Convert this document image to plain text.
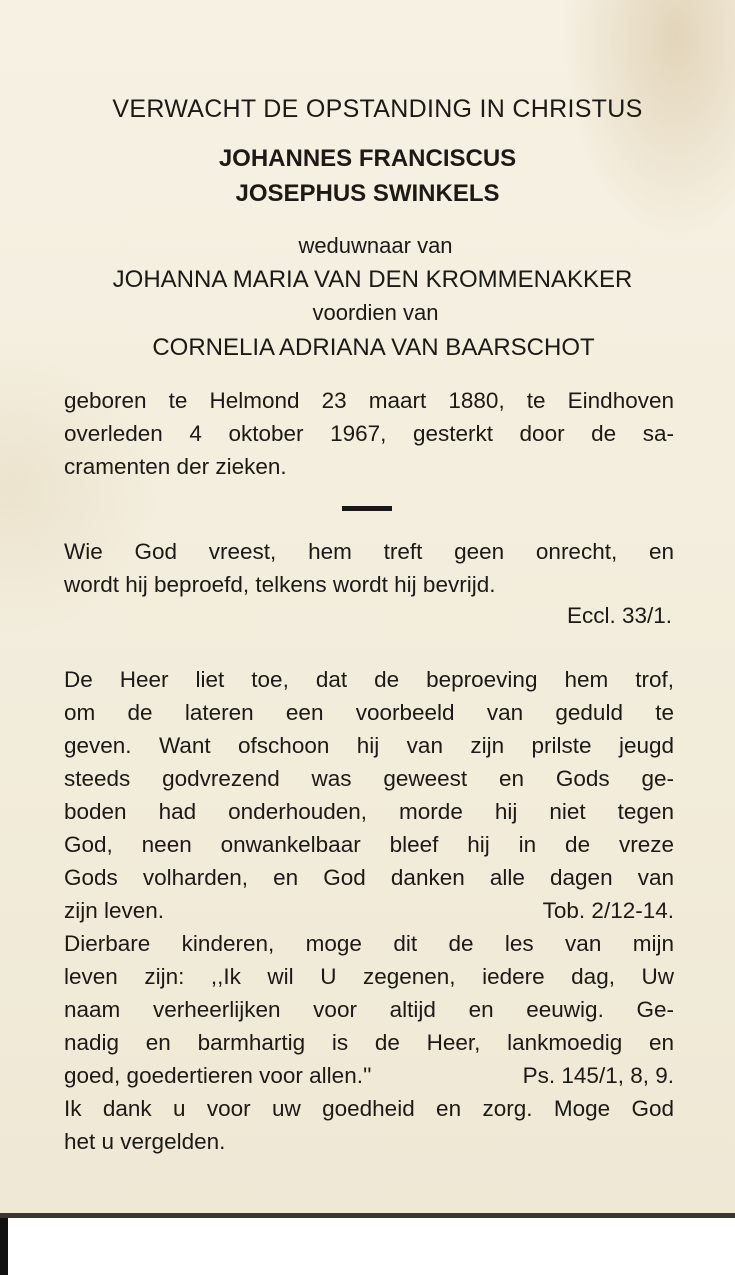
VERWACHT DE OPSTANDING IN CHRISTUS
JOHANNES FRANCISCUS
JOSEPHUS SWINKELS
weduwnaar van
JOHANNA MARIA VAN DEN KROMMENAKKER
voordien van
CORNELIA ADRIANA VAN BAARSCHOT
geboren te Helmond 23 maart 1880, te Eindhoven
overleden 4 oktober 1967, gesterkt door de sa-
cramenten der zieken.
Wie God vreest, hem treft geen onrecht, en
wordt hij beproefd, telkens wordt hij bevrijd.
Eccl. 33/1.
De Heer liet toe, dat de beproeving hem trof,
om de lateren een voorbeeld van geduld te
geven. Want ofschoon hij van zijn prilste jeugd
steeds godvrezend was geweest en Gods ge-
boden had onderhouden, morde hij niet tegen
God, neen onwankelbaar bleef hij in de vreze
Gods volharden, en God danken alle dagen van
zijn leven.	Tob. 2/12-14.
Dierbare kinderen, moge dit de les van mijn
leven zijn: ,,Ik wil U zegenen, iedere dag, Uw
naam verheerlijken voor altijd en eeuwig. Ge-
nadig en barmhartig is de Heer, lankmoedig en
goed, goedertieren voor allen.''	Ps. 145/1, 8, 9.
Ik dank u voor uw goedheid en zorg. Moge God
het u vergelden.
